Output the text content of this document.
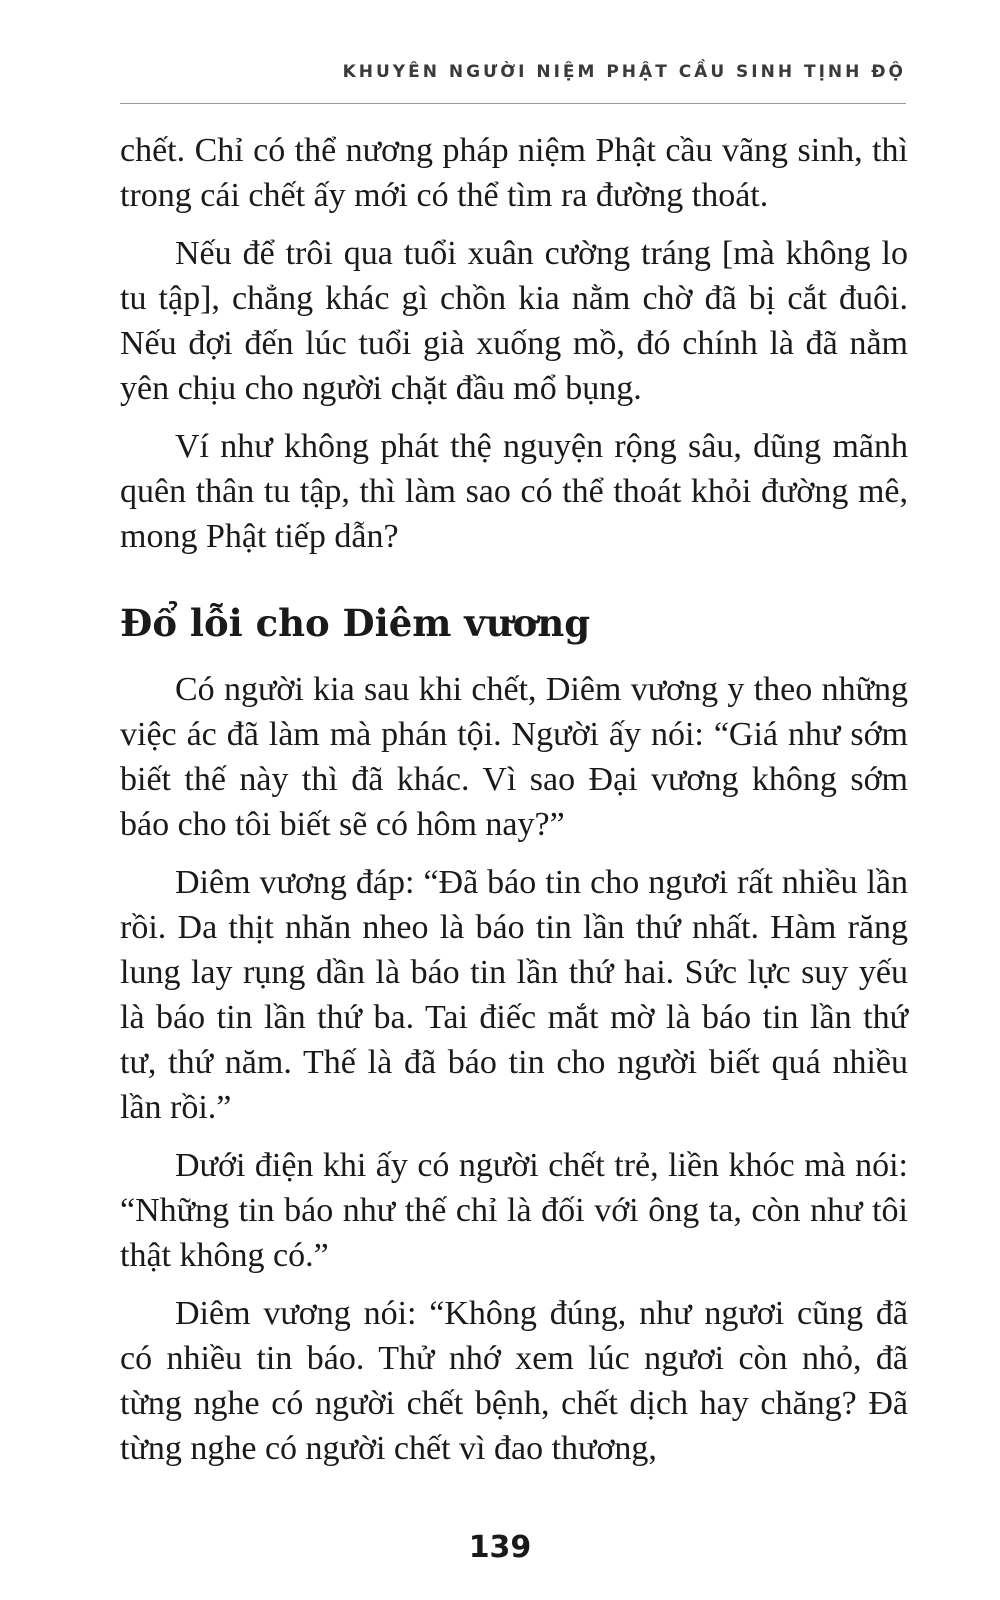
KHUYÊN NGƯỜI NIỆM PHẬT CẦU SINH TỊNH ĐỘ

chết. Chỉ có thể nương pháp niệm Phật cầu vãng sinh, thì trong cái chết ấy mới có thể tìm ra đường thoát.

Nếu để trôi qua tuổi xuân cường tráng [mà không lo tu tập], chẳng khác gì chồn kia nằm chờ đã bị cắt đuôi. Nếu đợi đến lúc tuổi già xuống mồ, đó chính là đã nằm yên chịu cho người chặt đầu mổ bụng.

Ví như không phát thệ nguyện rộng sâu, dũng mãnh quên thân tu tập, thì làm sao có thể thoát khỏi đường mê, mong Phật tiếp dẫn?

Đổ lỗi cho Diêm vương

Có người kia sau khi chết, Diêm vương y theo những việc ác đã làm mà phán tội. Người ấy nói: “Giá như sớm biết thế này thì đã khác. Vì sao Đại vương không sớm báo cho tôi biết sẽ có hôm nay?”

Diêm vương đáp: “Đã báo tin cho ngươi rất nhiều lần rồi. Da thịt nhăn nheo là báo tin lần thứ nhất. Hàm răng lung lay rụng dần là báo tin lần thứ hai. Sức lực suy yếu là báo tin lần thứ ba. Tai điếc mắt mờ là báo tin lần thứ tư, thứ năm. Thế là đã báo tin cho người biết quá nhiều lần rồi.”

Dưới điện khi ấy có người chết trẻ, liền khóc mà nói: “Những tin báo như thế chỉ là đối với ông ta, còn như tôi thật không có.”

Diêm vương nói: “Không đúng, như ngươi cũng đã có nhiều tin báo. Thử nhớ xem lúc ngươi còn nhỏ, đã từng nghe có người chết bệnh, chết dịch hay chăng? Đã từng nghe có người chết vì đao thương,

139
